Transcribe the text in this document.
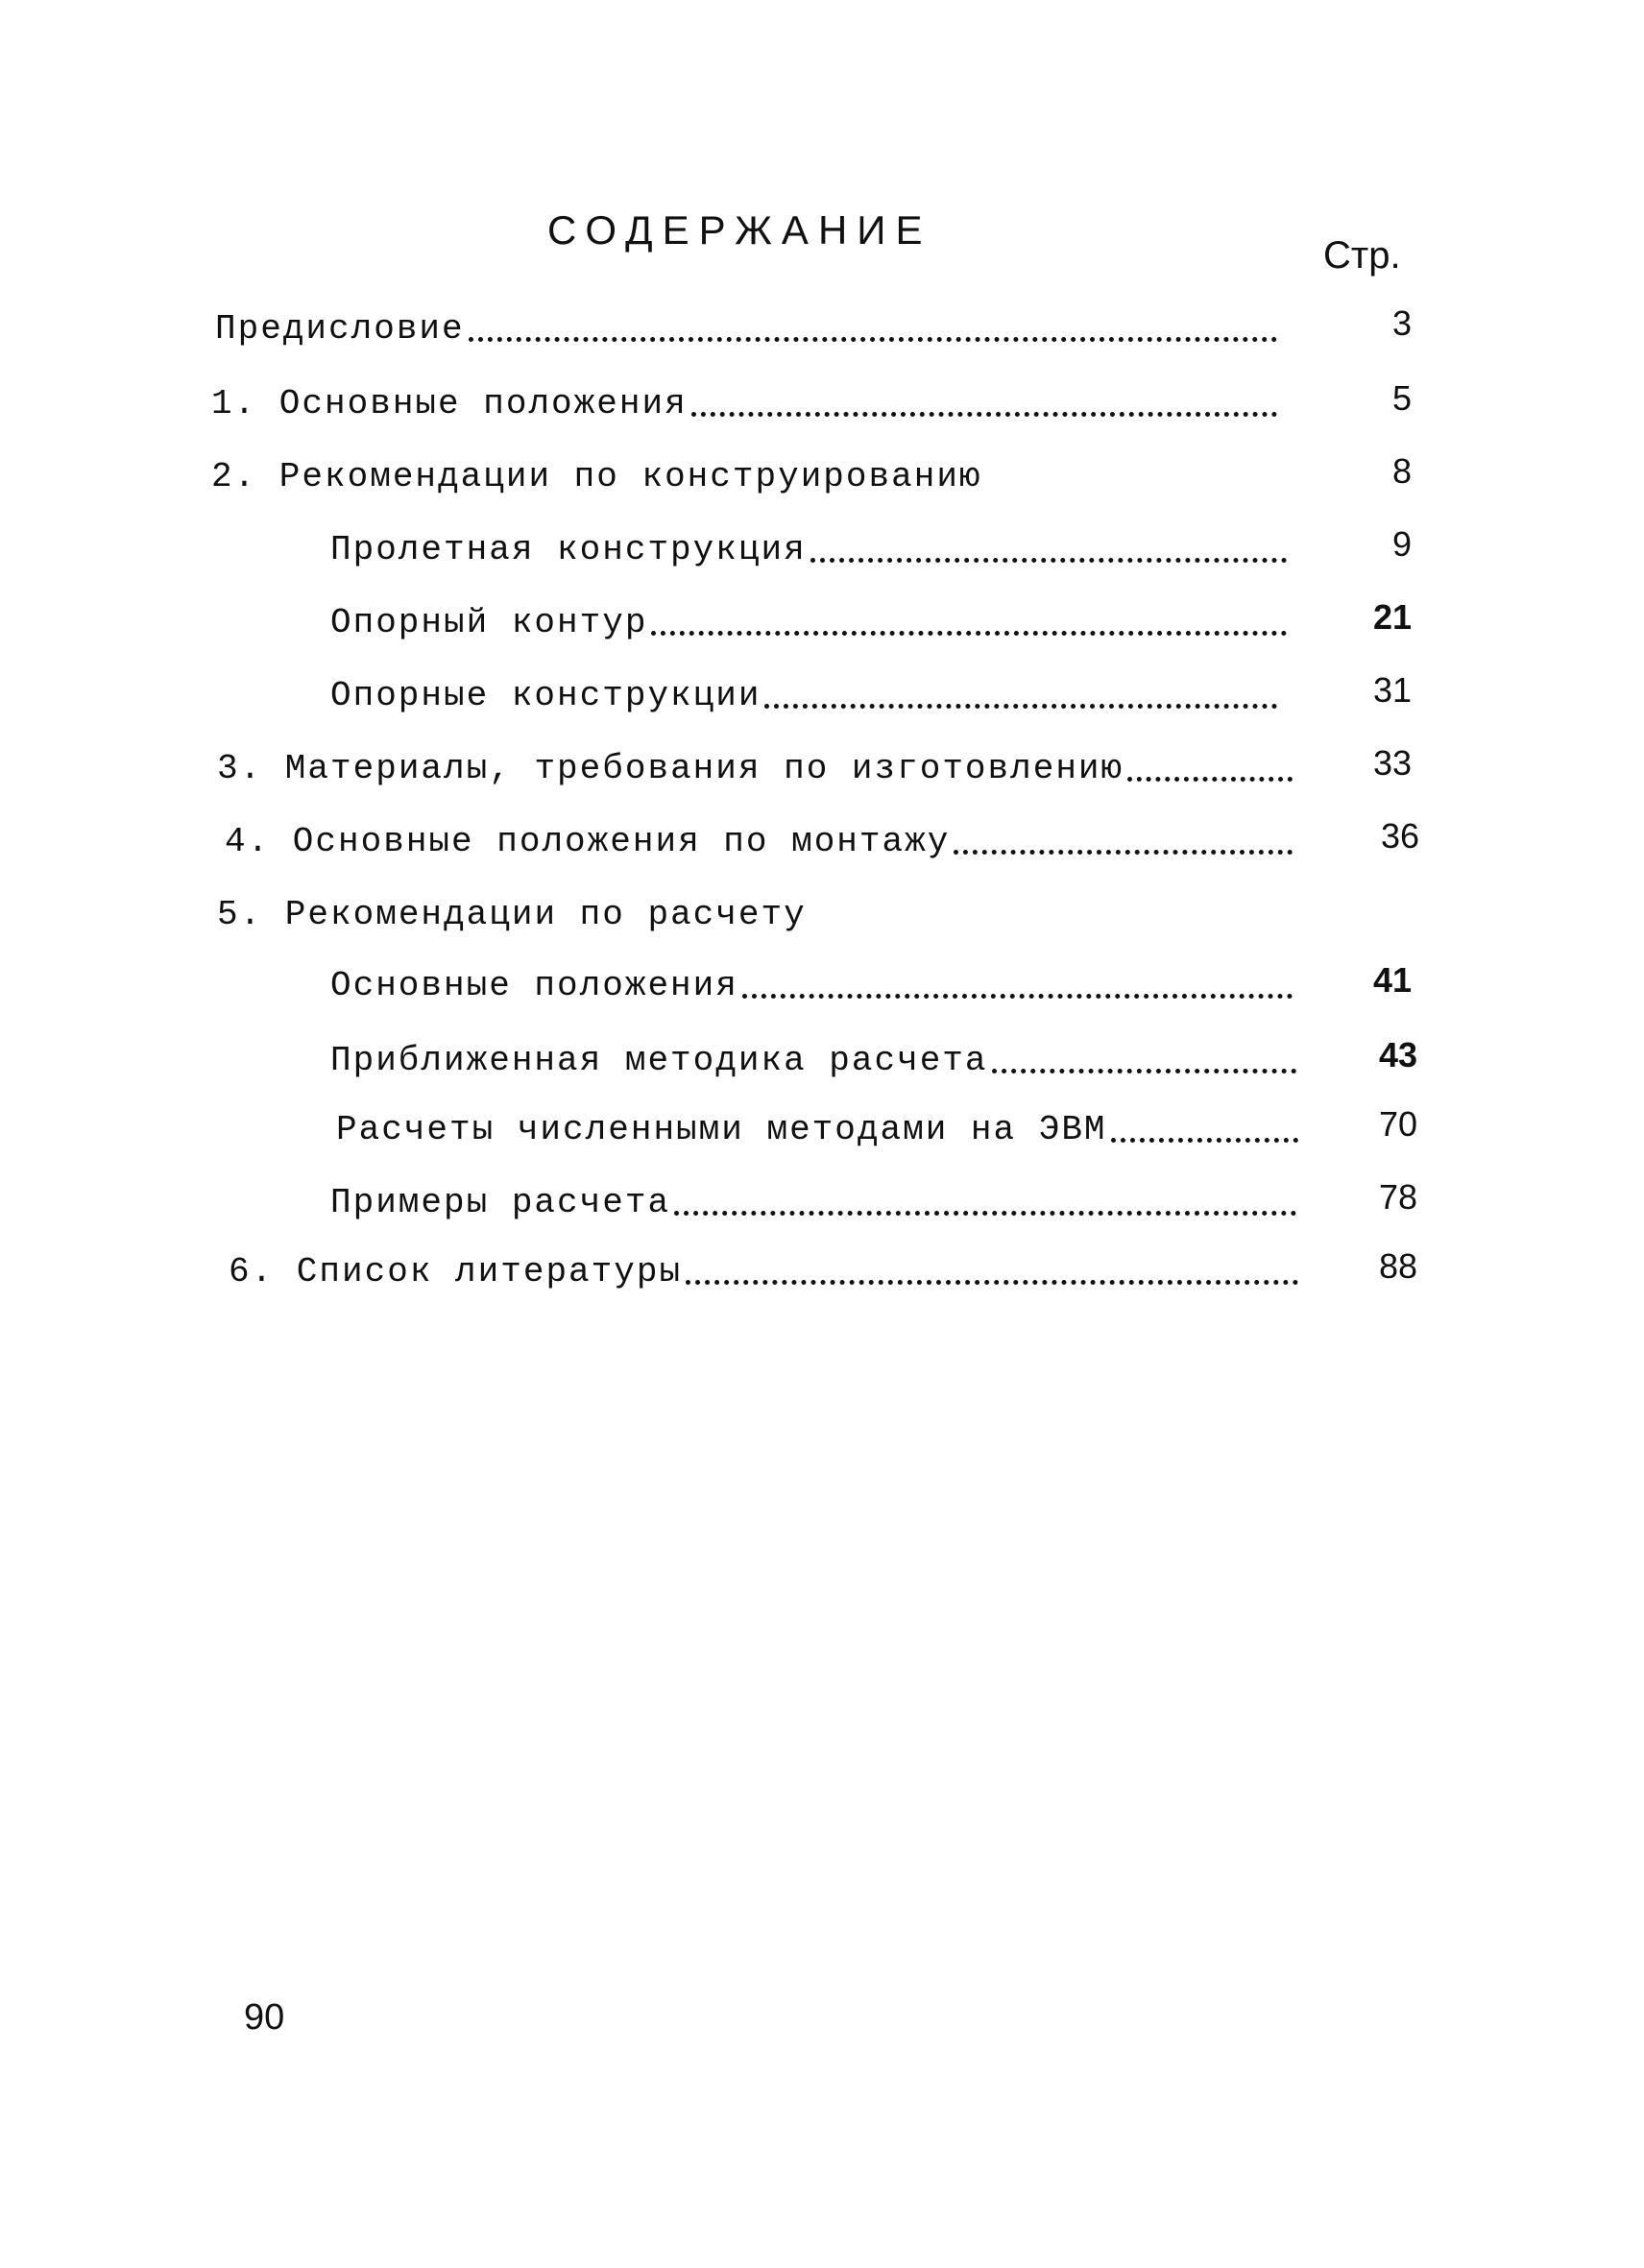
СОДЕРЖАНИЕ
Стр.
Предисловие	3
1. Основные положения	5
2. Рекомендации по конструированию	8
Пролетная конструкция	9
Опорный контур	21
Опорные конструкции	31
3. Материалы, требования по изготовлению	33
4. Основные положения по монтажу	36
5. Рекомендации по расчету
Основные положения	41
Приближенная методика расчета	43
Расчеты численными методами на ЭВМ	70
Примеры расчета	78
6. Список литературы	88
90
